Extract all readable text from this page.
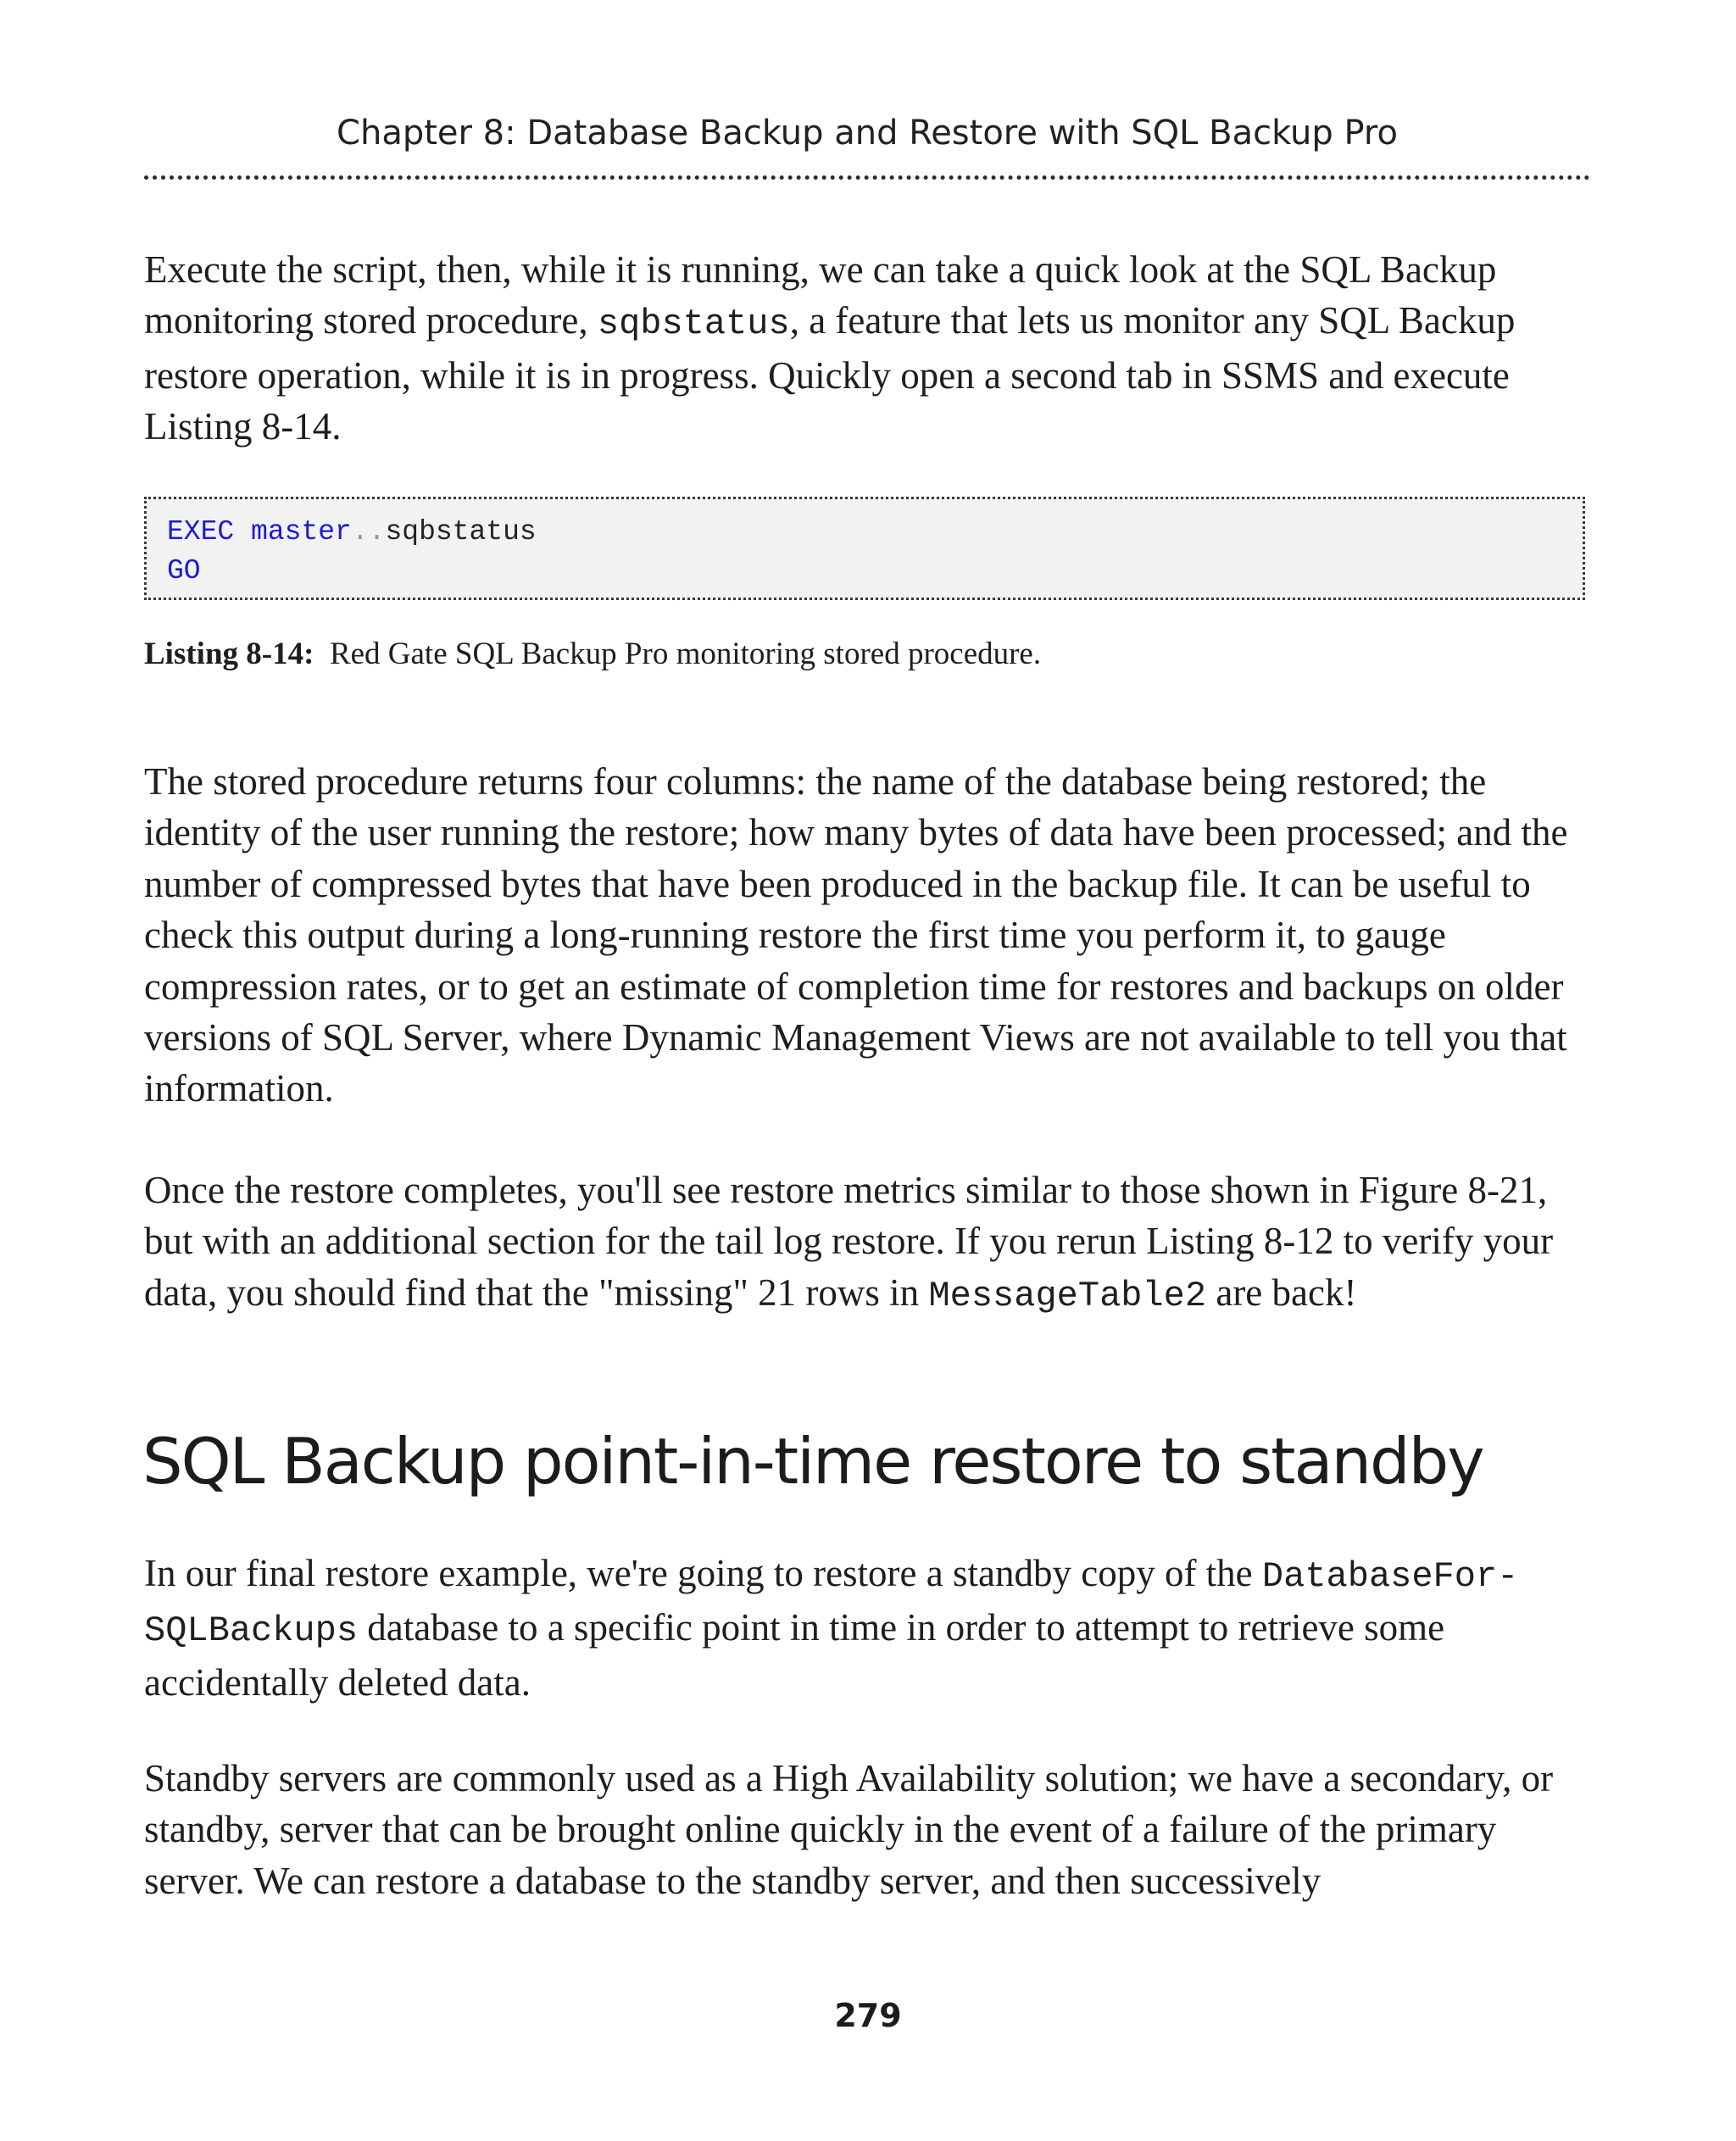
Chapter 8: Database Backup and Restore with SQL Backup Pro

Execute the script, then, while it is running, we can take a quick look at the SQL Backup monitoring stored procedure, sqbstatus, a feature that lets us monitor any SQL Backup restore operation, while it is in progress. Quickly open a second tab in SSMS and execute Listing 8-14.

EXEC master..sqbstatus
GO
Listing 8-14: Red Gate SQL Backup Pro monitoring stored procedure.

The stored procedure returns four columns: the name of the database being restored; the identity of the user running the restore; how many bytes of data have been processed; and the number of compressed bytes that have been produced in the backup file. It can be useful to check this output during a long-running restore the first time you perform it, to gauge compression rates, or to get an estimate of completion time for restores and backups on older versions of SQL Server, where Dynamic Management Views are not available to tell you that information.

Once the restore completes, you'll see restore metrics similar to those shown in Figure 8-21, but with an additional section for the tail log restore. If you rerun Listing 8-12 to verify your data, you should find that the "missing" 21 rows in MessageTable2 are back!

SQL Backup point-in-time restore to standby

In our final restore example, we're going to restore a standby copy of the DatabaseFor-SQLBackups database to a specific point in time in order to attempt to retrieve some accidentally deleted data.

Standby servers are commonly used as a High Availability solution; we have a secondary, or standby, server that can be brought online quickly in the event of a failure of the primary server. We can restore a database to the standby server, and then successively

279
